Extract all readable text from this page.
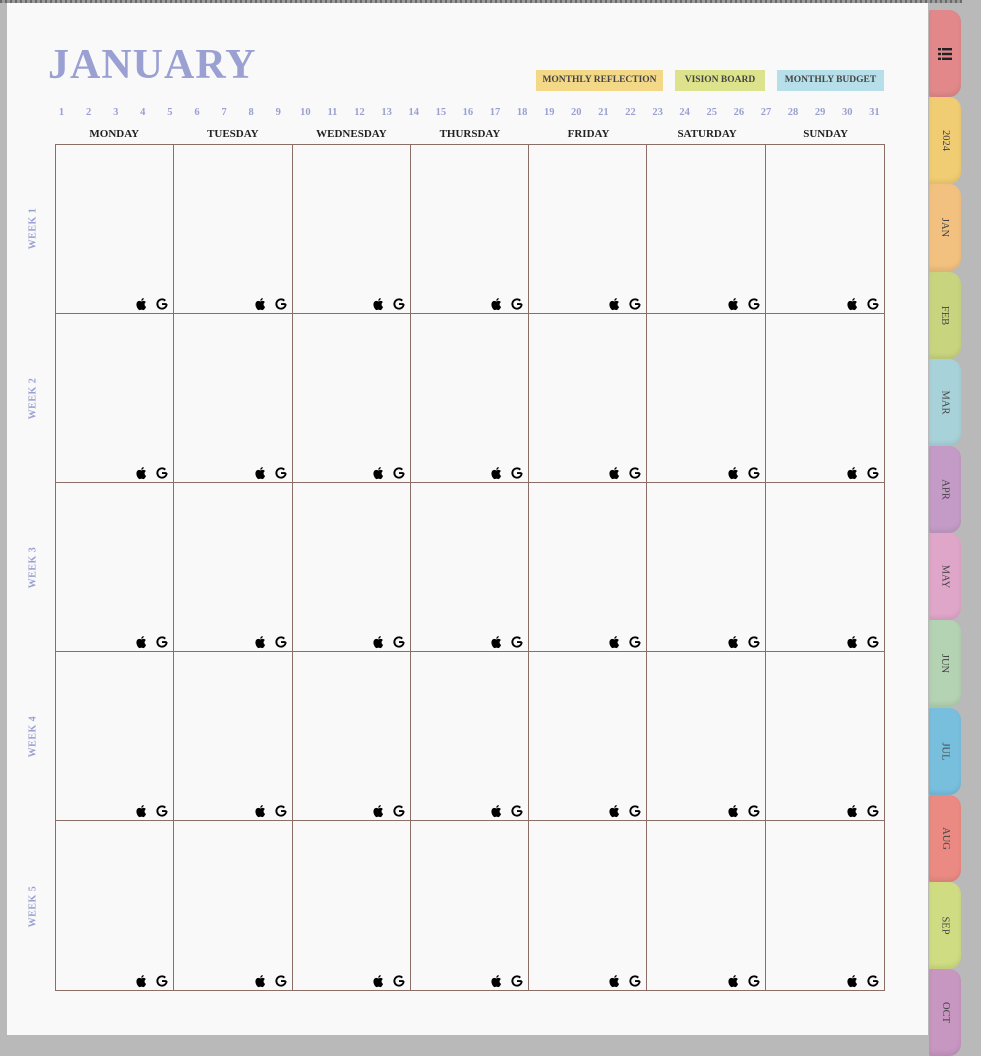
JANUARY	MONTHLY REFLECTION	VISION BOARD	MONTHLY BUDGET
1	2	3	4	5	6	7	8	9	10	11	12	13	14	15	16	17	18	19	20	21	22	23	24	25	26	27	28	29	30	31
MONDAY	TUESDAY	WEDNESDAY	THURSDAY	FRIDAY	SATURDAY	SUNDAY
WEEK 1
WEEK 2
WEEK 3
WEEK 4
WEEK 5
2024
JAN
FEB
MAR
APR
MAY
JUN
JUL
AUG
SEP
OCT
